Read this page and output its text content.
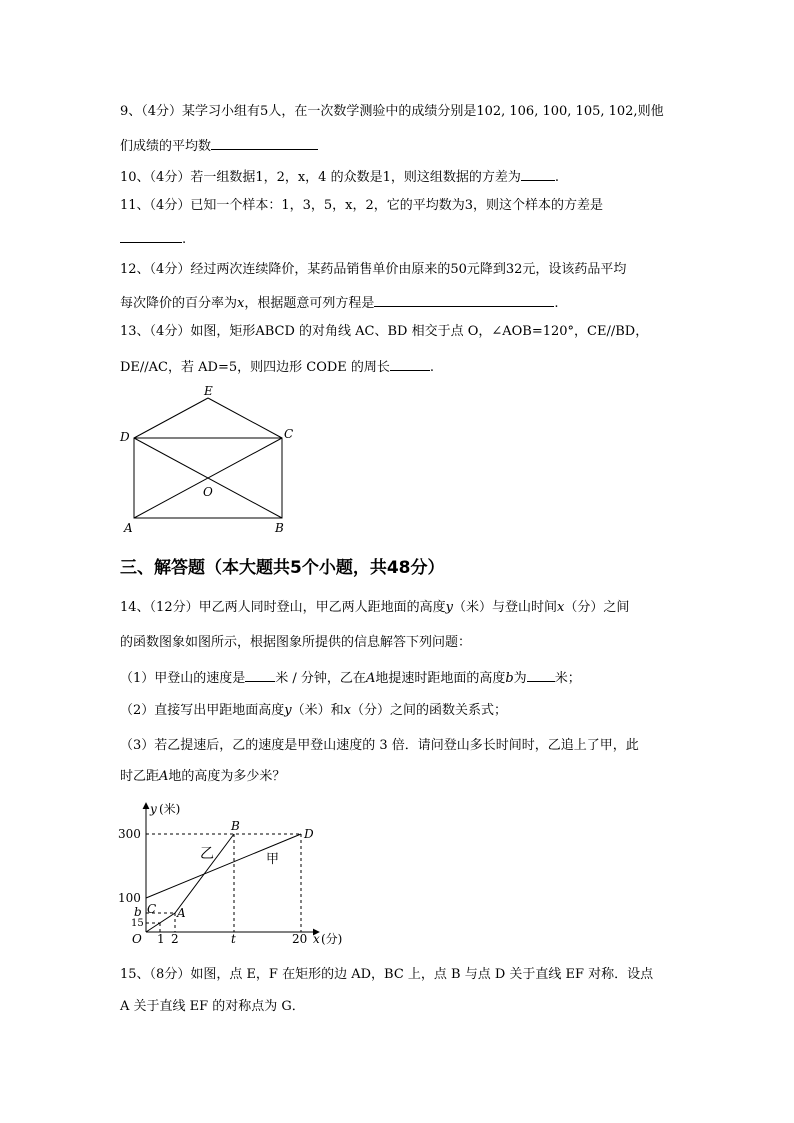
9、（4分）某学习小组有5人，在一次数学测验中的成绩分别是102, 106, 100, 105, 102,则他
们成绩的平均数
10、（4分）若一组数据1，2，x，4 的众数是1，则这组数据的方差为	.
11、（4分）已知一个样本：1，3，5，x，2，它的平均数为3，则这个样本的方差是
.
12、（4分）经过两次连续降价，某药品销售单价由原来的50元降到32元，设该药品平均
每次降价的百分率为x，根据题意可列方程是	.
13、（4分）如图，矩形ABCD 的对角线 AC、BD 相交于点 O，∠AOB=120°，CE//BD，
DE//AC，若 AD=5，则四边形 CODE 的周长	.
E
D	C
O
A	B
三、解答题（本大题共5个小题，共48分）
14、（12分）甲乙两人同时登山，甲乙两人距地面的高度y（米）与登山时间x（分）之间
的函数图象如图所示，根据图象所提供的信息解答下列问题：
（1）甲登山的速度是 米 / 分钟，乙在A地提速时距地面的高度b为 米；
（2）直接写出甲距地面高度y（米）和x（分）之间的函数关系式；
（3）若乙提速后，乙的速度是甲登山速度的 3 倍．请问登山多长时间时，乙追上了甲，此
时乙距A地的高度为多少米？
y (米)
300
100
b
15
O 1 2	t	20 x (分)
B
D
C A
乙	甲
15、（8分）如图，点 E，F 在矩形的边 AD，BC 上，点 B 与点 D 关于直线 EF 对称．设点
A 关于直线 EF 的对称点为 G．
